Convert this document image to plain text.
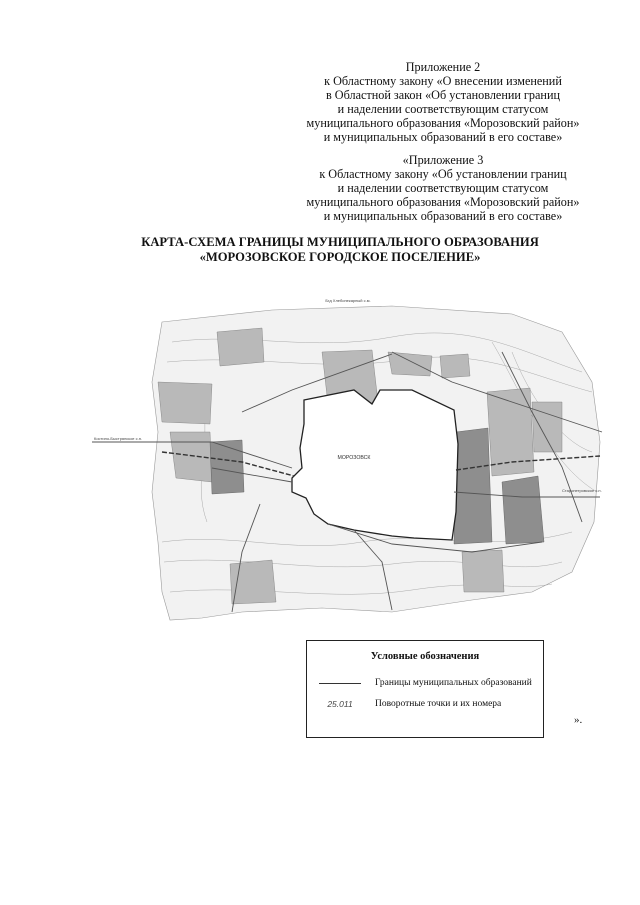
Приложение 2
к Областному закону «О внесении изменений
в Областной закон «Об установлении границ
и наделении соответствующим статусом
муниципального образования «Морозовский район»
и муниципальных образований в его составе»
«Приложение 3
к Областному закону «Об установлении границ
и наделении соответствующим статусом
муниципального образования «Морозовский район»
и муниципальных образований в его составе»
КАРТА-СХЕМА ГРАНИЦЫ МУНИЦИПАЛЬНОГО ОБРАЗОВАНИЯ
«МОРОЗОВСКОЕ ГОРОДСКОЕ ПОСЕЛЕНИЕ»
МОРОЗОВСК
Бгд Хлебопекарный с.м.
Костино-Быстрянское с.п.
Старопетровское с.п.
Условные обозначения
Границы муниципальных образований
25.011	Поворотные точки и их номера
».
